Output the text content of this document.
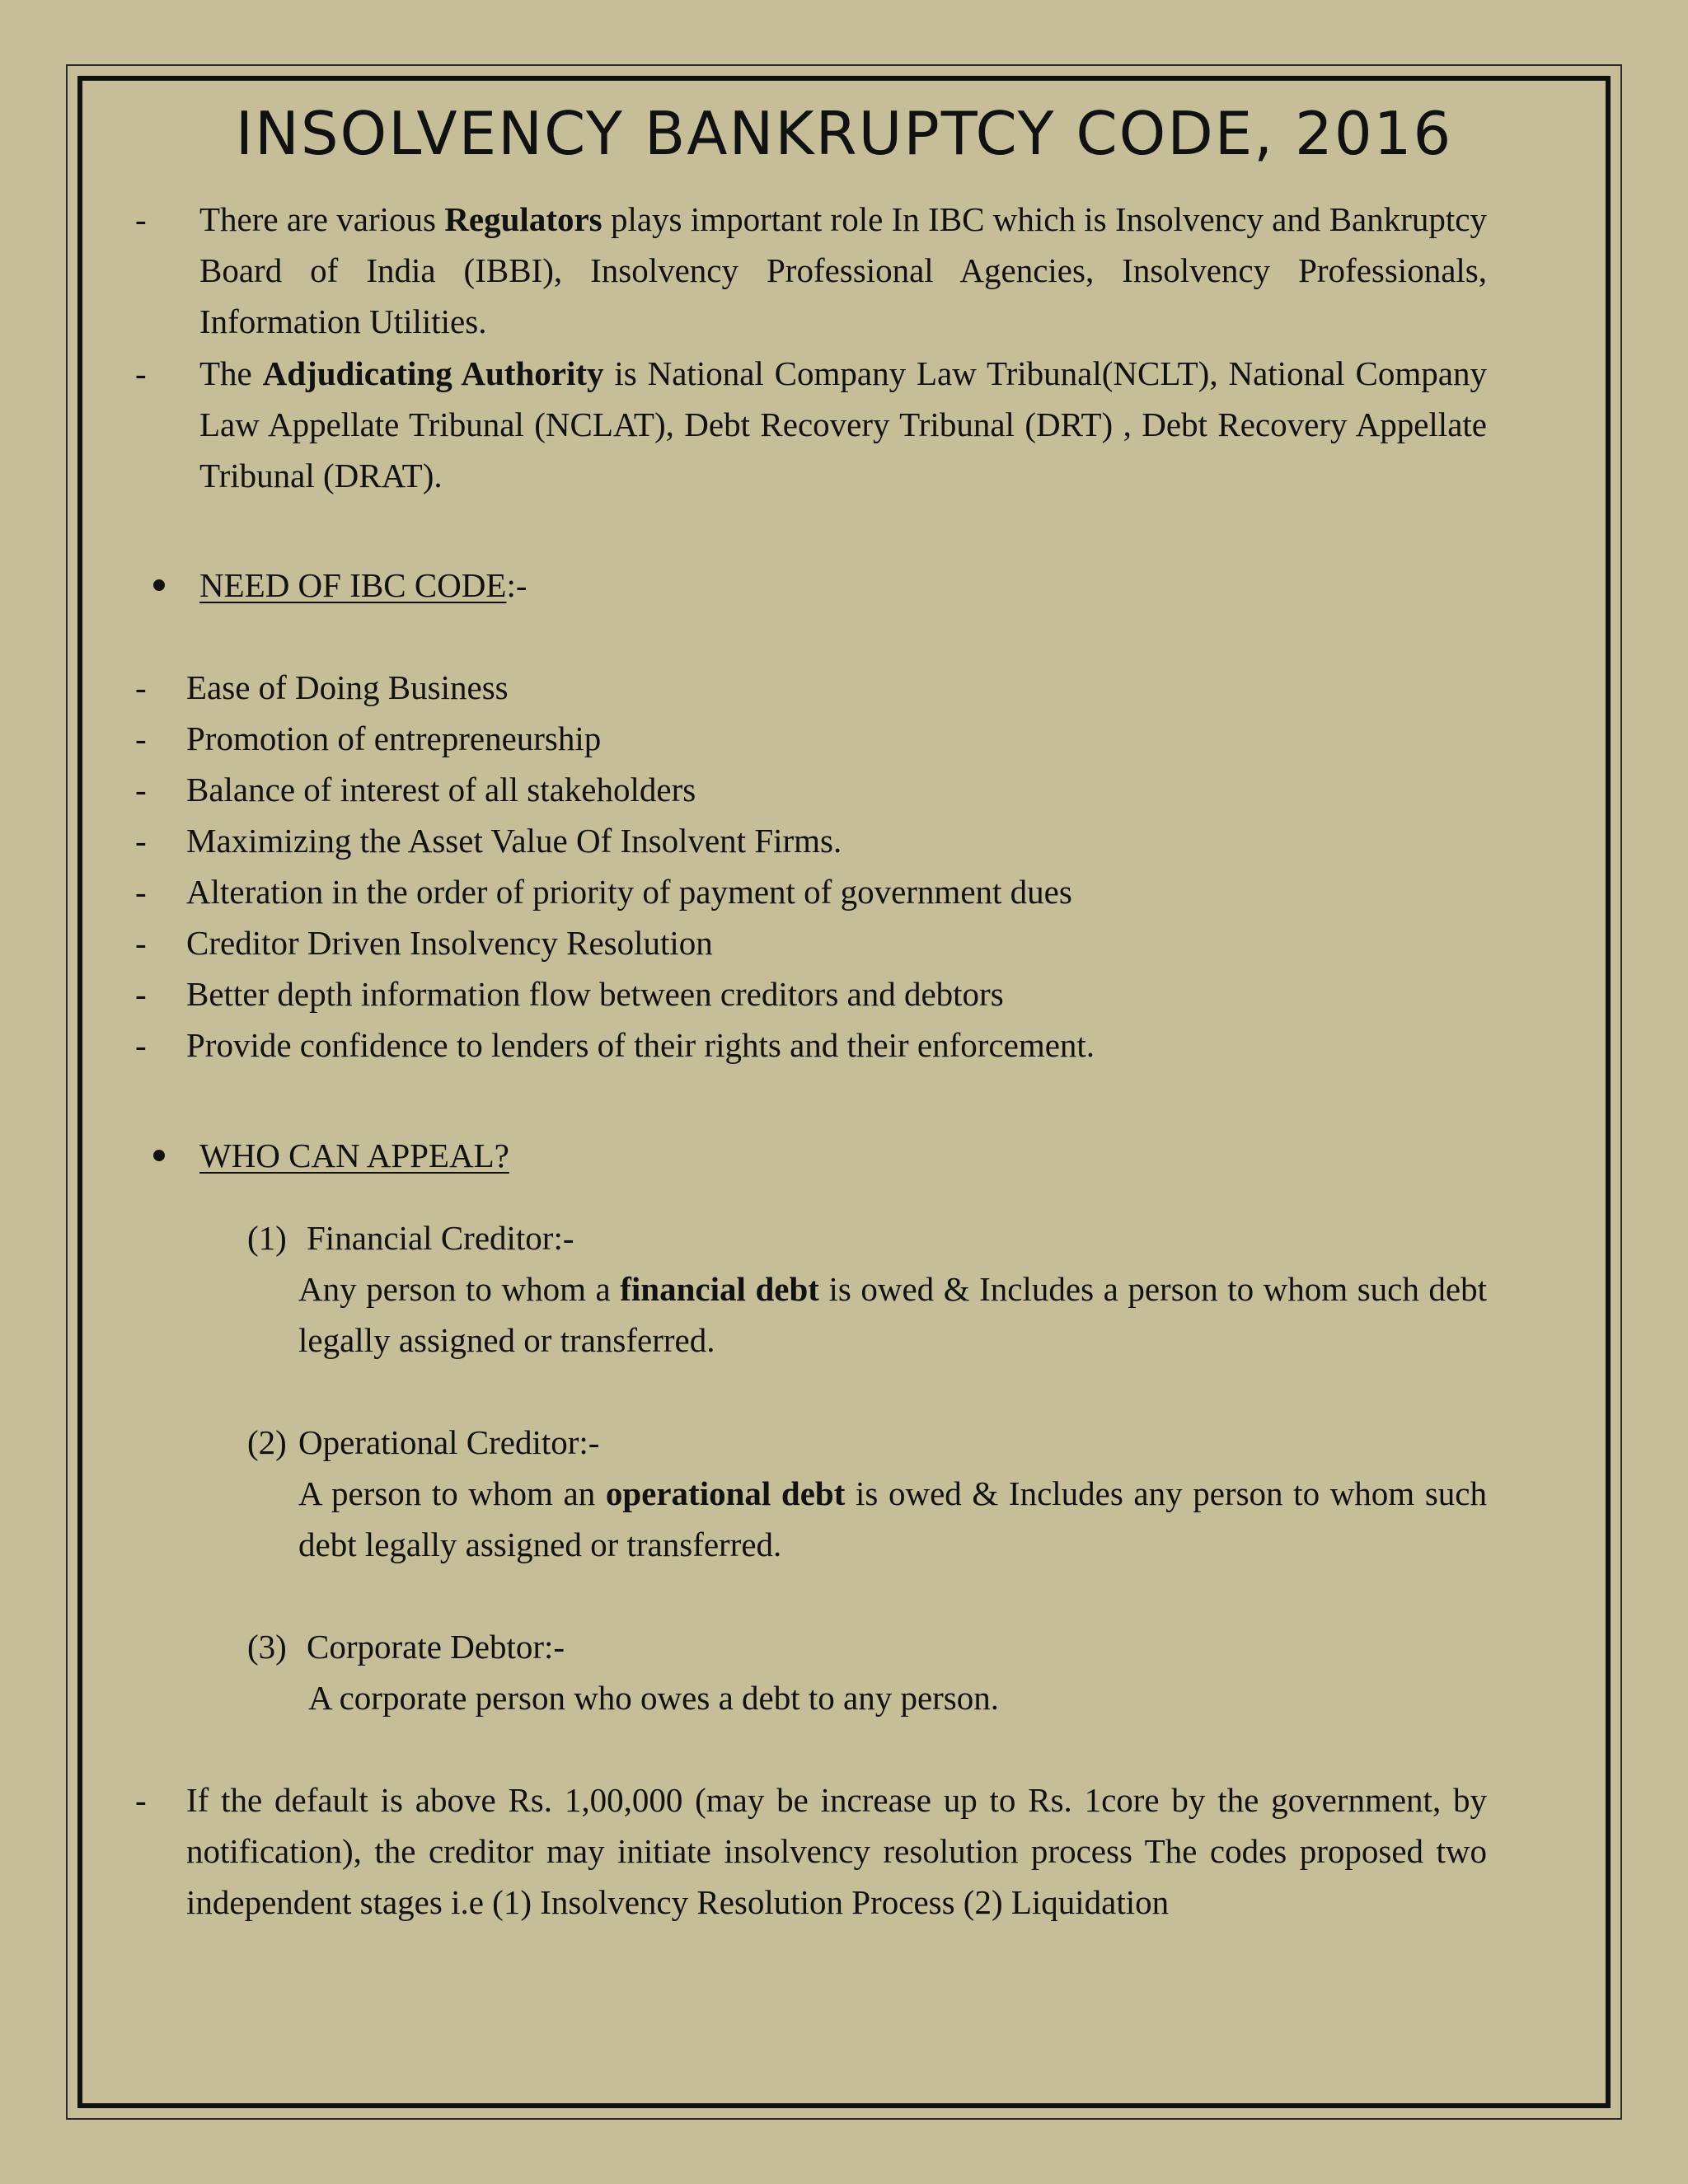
INSOLVENCY BANKRUPTCY CODE, 2016
- There are various Regulators plays important role In IBC which is Insolvency and Bankruptcy Board of India (IBBI), Insolvency Professional Agencies, Insolvency Professionals, Information Utilities.
- The Adjudicating Authority is National Company Law Tribunal(NCLT), National Company Law Appellate Tribunal (NCLAT), Debt Recovery Tribunal (DRT) , Debt Recovery Appellate Tribunal (DRAT).
NEED OF IBC CODE:-
- Ease of Doing Business
- Promotion of entrepreneurship
- Balance of interest of all stakeholders
- Maximizing the Asset Value Of Insolvent Firms.
- Alteration in the order of priority of payment of government dues
- Creditor Driven Insolvency Resolution
- Better depth information flow between creditors and debtors
- Provide confidence to lenders of their rights and their enforcement.
WHO CAN APPEAL?
(1) Financial Creditor:-
Any person to whom a financial debt is owed & Includes a person to whom such debt legally assigned or transferred.
(2) Operational Creditor:-
A person to whom an operational debt is owed & Includes any person to whom such debt legally assigned or transferred.
(3) Corporate Debtor:-
A corporate person who owes a debt to any person.
- If the default is above Rs. 1,00,000 (may be increase up to Rs. 1core by the government, by notification), the creditor may initiate insolvency resolution process The codes proposed two independent stages i.e (1) Insolvency Resolution Process (2) Liquidation
